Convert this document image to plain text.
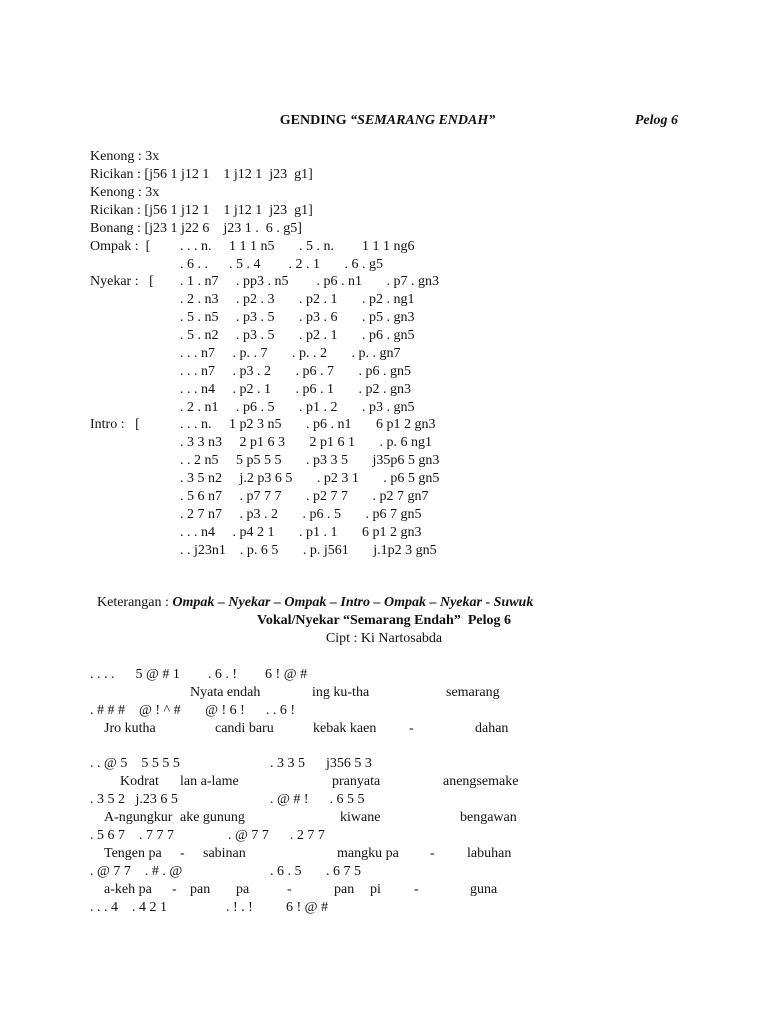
GENDING “SEMARANG ENDAH”	Pelog 6
Kenong : 3x
Ricikan : [j56 1 j12 1    1 j12 1  j23  g1]
Kenong : 3x
Ricikan : [j56 1 j12 1    1 j12 1  j23  g1]
Bonang : [j23 1 j22 6    j23 1 .  6 . g5]
Ompak :  [ . . . n.     1 1 1 n5       . 5 . n.        1 1 1 ng6
. 6 . .      . 5 . 4        . 2 . 1       . 6 . g5
Nyekar :   [ . 1 . n7     . pp3 . n5        . p6 . n1       . p7 . gn3
. 2 . n3     . p2 . 3       . p2 . 1       . p2 . ng1
. 5 . n5     . p3 . 5       . p3 . 6       . p5 . gn3
. 5 . n2     . p3 . 5       . p2 . 1       . p6 . gn5
. . . n7     . p. . 7       . p. . 2       . p. . gn7
. . . n7     . p3 . 2       . p6 . 7       . p6 . gn5
. . . n4     . p2 . 1       . p6 . 1       . p2 . gn3
. 2 . n1     . p6 . 5       . p1 . 2       . p3 . gn5
Intro :   [	. . . n.     1 p2 3 n5       . p6 . n1       6 p1 2 gn3
. 3 3 n3     2 p1 6 3       2 p1 6 1       . p. 6 ng1
. . 2 n5     5 p5 5 5       . p3 3 5       j35p6 5 gn3
. 3 5 n2     j.2 p3 6 5       . p2 3 1       . p6 5 gn5
. 5 6 n7     . p7 7 7       . p2 7 7       . p2 7 gn7
. 2 7 n7     . p3 . 2       . p6 . 5       . p6 7 gn5
. . . n4     . p4 2 1       . p1 . 1       6 p1 2 gn3
. . j23n1    . p. 6 5       . p. j561       j.1p2 3 gn5

Keterangan : Ompak – Nyekar – Ompak – Intro – Ompak – Nyekar - Suwuk

Vokal/Nyekar “Semarang Endah”  Pelog 6
Cipt : Ki Nartosabda
. . . .      5 @ # 1        . 6 . !        6 ! @ #
Nyata endah	ing ku-tha	semarang
. # # #    @ ! ^ #       @ ! 6 !      . . 6 !
Jro kutha	candi baru	kebak kaen -	dahan
. . @ 5    5 5 5 5	. 3 3 5      j356 5 3
Kodrat lan a-lame	pranyata	anengsemake
. 3 5 2   j.23 6 5	. @ # !      . 6 5 5
A-ngungkur ake gunung	kiwane	bengawan
. 5 6 7    . 7 7 7	. @ 7 7      . 2 7 7
Tengen pa - sabinan	mangku pa - labuhan
. @ 7 7    . # . @	. 6 . 5       . 6 7 5
a-keh pa - pan pa	-	pan pi -	guna
. . . 4    . 4 2 1	. ! . ! 6 ! @ #
